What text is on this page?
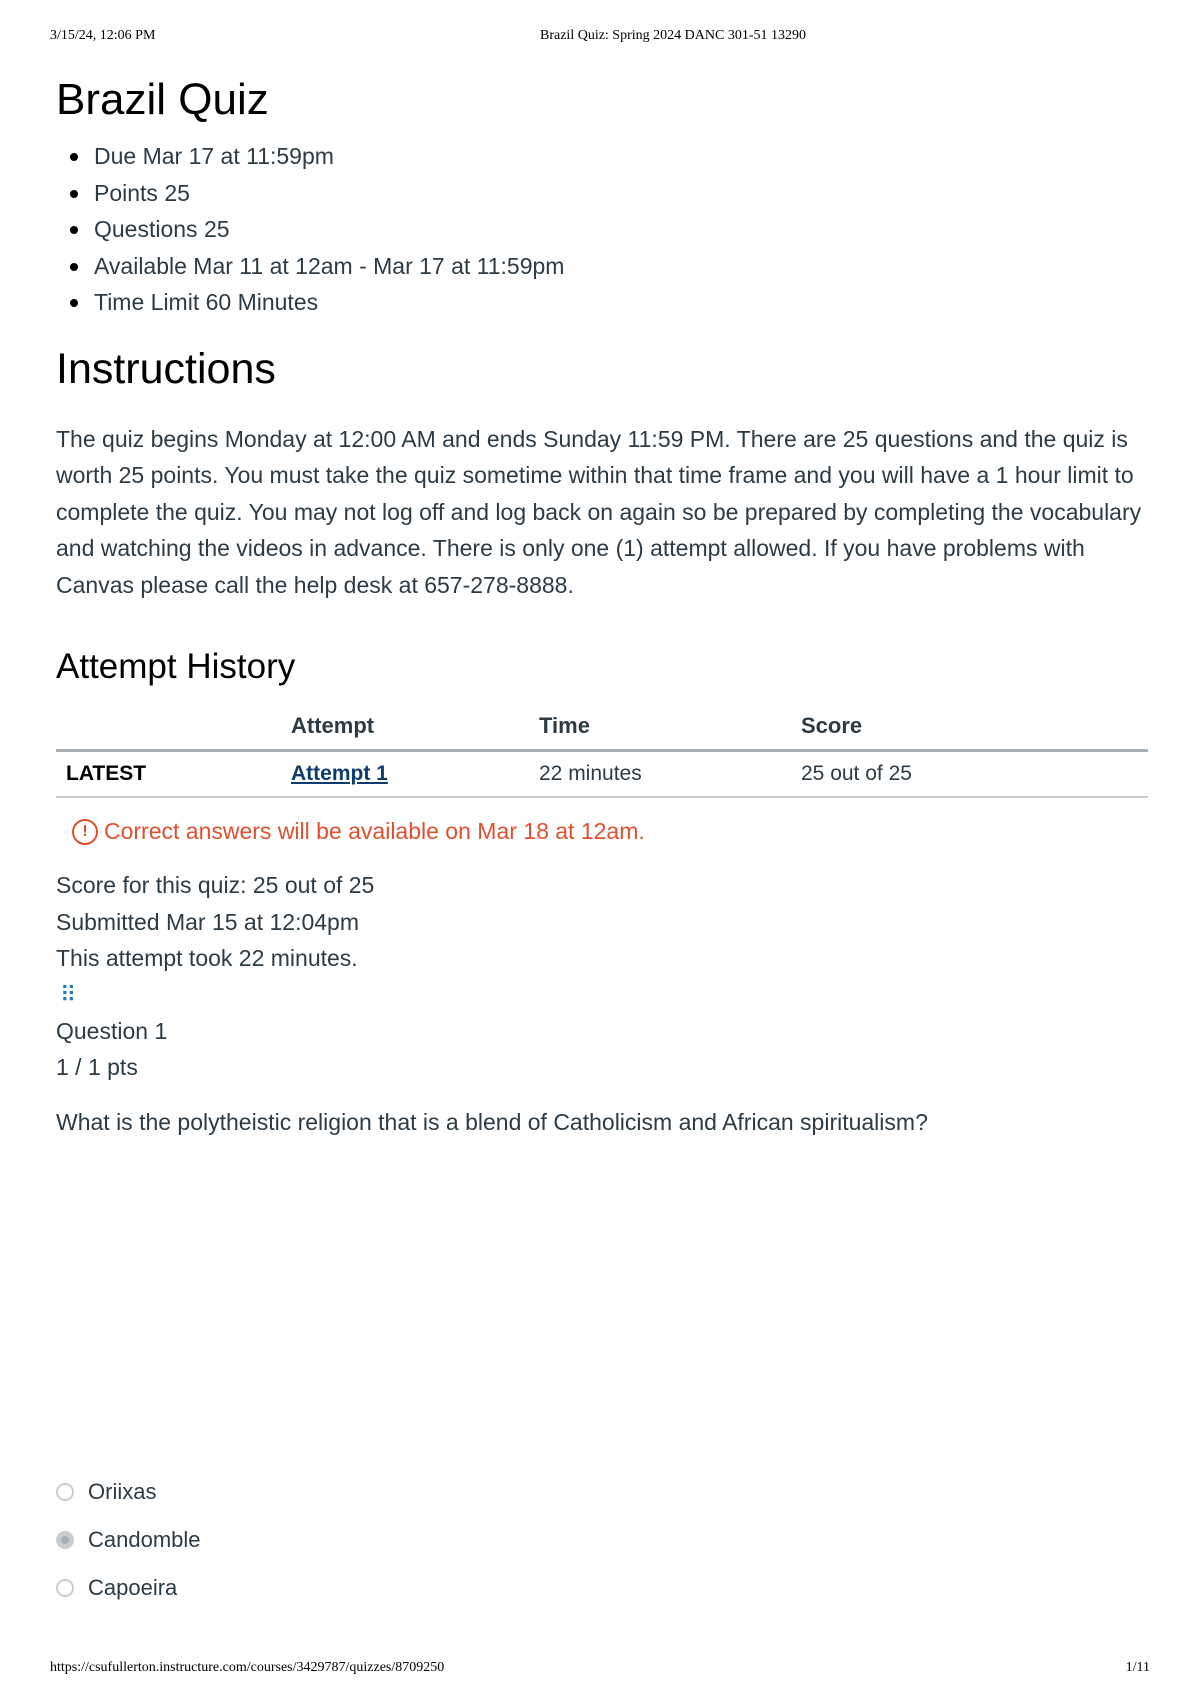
3/15/24, 12:06 PM	Brazil Quiz: Spring 2024 DANC 301-51 13290
Brazil Quiz
Due Mar 17 at 11:59pm
Points 25
Questions 25
Available Mar 11 at 12am - Mar 17 at 11:59pm
Time Limit 60 Minutes
Instructions

The quiz begins Monday at 12:00 AM and ends Sunday 11:59 PM. There are 25 questions and the quiz is worth 25 points. You must take the quiz sometime within that time frame and you will have a 1 hour limit to complete the quiz. You may not log off and log back on again so be prepared by completing the vocabulary and watching the videos in advance. There is only one (1) attempt allowed. If you have problems with Canvas please call the help desk at 657-278-8888.

Attempt History
	Attempt	Time	Score
LATEST	Attempt 1	22 minutes	25 out of 25
! Correct answers will be available on Mar 18 at 12am.
Score for this quiz: 25 out of 25
Submitted Mar 15 at 12:04pm
This attempt took 22 minutes.
⠿
Question 1
1 / 1 pts

What is the polytheistic religion that is a blend of Catholicism and African spiritualism?

Oriixas
Candomble
Capoeira
https://csufullerton.instructure.com/courses/3429787/quizzes/8709250	1/11
